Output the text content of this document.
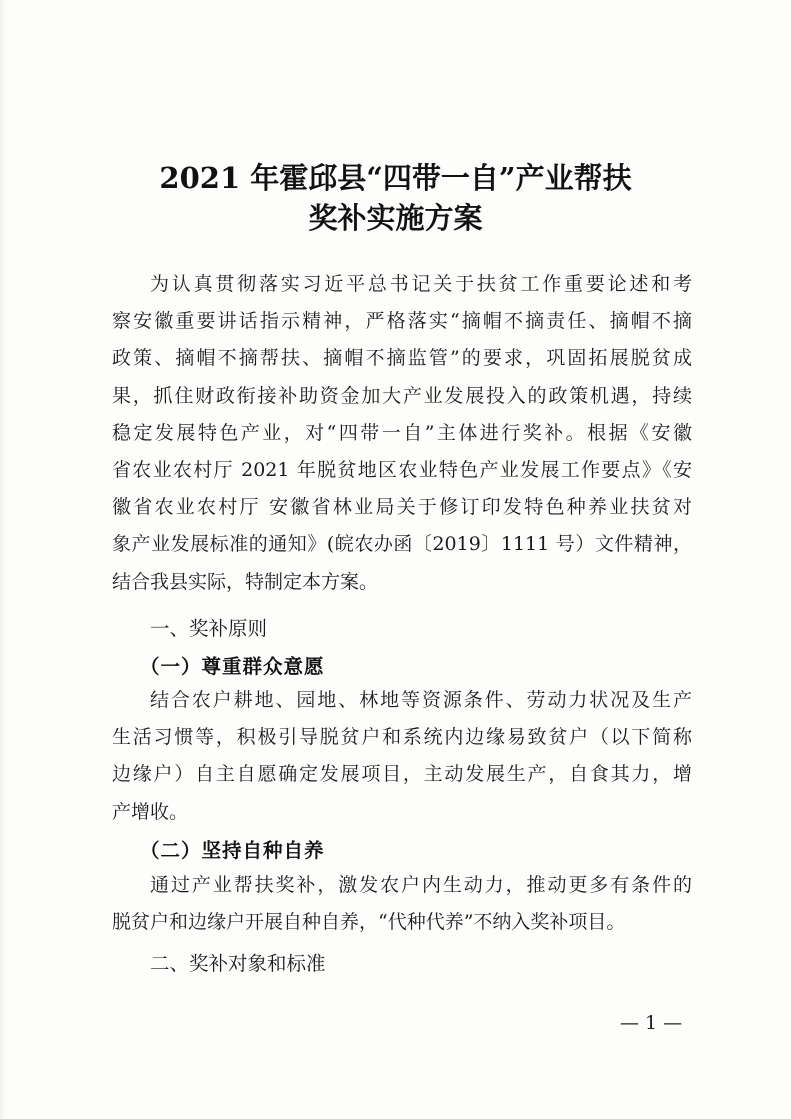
2021 年霍邱县“四带一自”产业帮扶
奖补实施方案
为认真贯彻落实习近平总书记关于扶贫工作重要论述和考
察安徽重要讲话指示精神，严格落实“摘帽不摘责任、摘帽不摘
政策、摘帽不摘帮扶、摘帽不摘监管”的要求，巩固拓展脱贫成
果，抓住财政衔接补助资金加大产业发展投入的政策机遇，持续
稳定发展特色产业，对“四带一自”主体进行奖补。根据《安徽
省农业农村厅 2021 年脱贫地区农业特色产业发展工作要点》《安
徽省农业农村厅 安徽省林业局关于修订印发特色种养业扶贫对
象产业发展标准的通知》(皖农办函〔2019〕1111 号）文件精神，
结合我县实际，特制定本方案。
一、奖补原则
（一）尊重群众意愿
结合农户耕地、园地、林地等资源条件、劳动力状况及生产
生活习惯等，积极引导脱贫户和系统内边缘易致贫户（以下简称
边缘户）自主自愿确定发展项目，主动发展生产，自食其力，增
产增收。
（二）坚持自种自养
通过产业帮扶奖补，激发农户内生动力，推动更多有条件的
脱贫户和边缘户开展自种自养，“代种代养”不纳入奖补项目。
二、奖补对象和标准
— 1 —
